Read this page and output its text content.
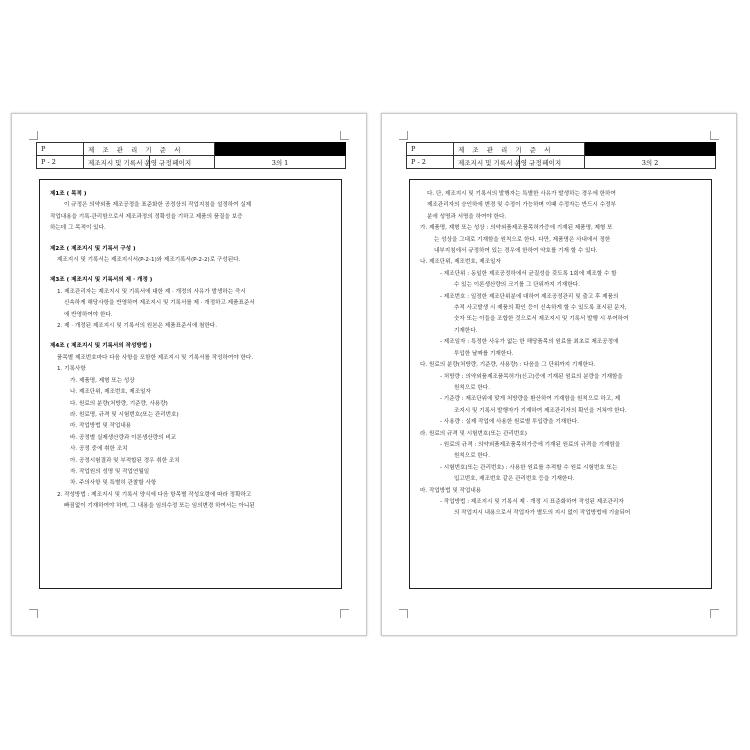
P	제 조 관 리 기 준 서		
P - 2	제조지시 및 기록서 운영 규정	페이지	3의 1
제1조 ( 목적 )
이 규정은 의약외품 제조공정을 표준화한 공정상의 작업지침을 설정하여 실제
작업내용을 기록·관리함으로서 제조과정의 정확성을 기하고 제품의 품질을 보증
하는데 그 목적이 있다.
제2조 ( 제조지시 및 기록서 구성 )
제조지시 및 기록서는 제조지시서(P-2-1)와 제조기록서(P-2-2)로 구성된다.
제3조 ( 제조지시 및 기록서의 제 · 개정 )
1. 제조관리자는 제조지시 및 기록서에 대한 제 · 개정의 사유가 발생하는 즉시
신속하게 해당사항을 반영하여 제조지시 및 기록서를 제 · 개정하고 제품표준서
에 반영하여야 한다.
2. 제 · 개정된 제조지시 및 기록서의 원본은 제품표준서에 첨한다.
제4조 ( 제조지시 및 기록서의 작성방법 )
품목별 제조번호마다 다음 사항을 포함한 제조지시 및 기록서를 작성하여야 한다.
1. 기록사항
가. 제품명, 제형 또는 성상
나. 제조단위, 제조번호, 제조일자
다. 원료의 분량(처방량, 기준량, 사용량)
라. 원료명, 규격 및 시험번호(또는 관리번호)
마. 작업방법 및 작업내용
바. 공정별 실제생산량과 이론생산량의 비교
사. 공정 중에 취한 조치
아. 공정시험결과 및 부적합된 경우 취한 조치
자. 작업원의 성명 및 작업연월일
차. 주의사항 및 특별히 관찰할 사항
2. 작성방법 : 제조지시 및 기록서 양식에 다음 항목별 작성요령에 따라 정확하고
빠짐없이 기재하여야 하며, 그 내용을 임의수정 또는 임의변경 하여서는 아니된
P	제 조 관 리 기 준 서		
P - 2	제조지시 및 기록서 운영 규정	페이지	3의 2
다. 단, 제조지시 및 기록서의 발행자는 특별한 사유가 발생하는 경우에 한하여
제조관리자의 승인하에 변경 및 수정이 가능하며 이때 수정자는 반드시 수정부
분에 성명과 서명을 하여야 한다.
가. 제품명, 제형 또는 성상 : 의약외품제조품목허가증에 기재된 제품명, 제형 또
는 성상을 그대로 기재함을 원칙으로 한다. 다만, 제품명은 사내에서 정한
내부지침에서 규정하여 있는 경우에 한하여 약호를 기재 할 수 있다.
나. 제조단위, 제조번호, 제조일자
- 제조단위 : 동일한 제조공정하에서 균질성을 갖도록 1회에 제조할 수 할
수 있는 이론생산량의 크기를 그 단위까지 기재한다.
- 제조번호 : 일정한 제조단위분에 대하여 제조공정관리 및 출고 후 제품의
추적 사고발생 시 제품의 확인 등이 신속하게 할 수 있도록 표시된 문자,
숫자 또는 이들을 조합한 것으로서 제조지시 및 기록서 발행 시 부여하여
기재한다.
- 제조일자 : 특정한 사유가 없는 한 해당품목의 원료를 최초로 제조공정에
투입한 날짜를 기재한다.
다. 원료의 분량(처방량, 기준량, 사용량) : 다음을 그 단위까지 기재한다.
- 처방량 : 의약외품제조품목허가(신고)증에 기재된 원료의 분량을 기재함을
원칙으로 한다.
- 기준량 : 제조단위에 맞게 처방량을 환산하여 기재함을 원칙으로 하고, 제
조지시 및 기록서 발행자가 기재하여 제조관리자의 확인을 거쳐야 한다.
- 사용량 : 실제 작업에 사용한 원료별 투입량을 기재한다.
라. 원료의 규격 및 시험번호(또는 관리번호)
- 원료의 규격 : 의약외품제조품목허가증에 기재된 원료의 규격을 기재함을
원칙으로 한다.
- 시험번호(또는 관리번호) : 사용한 원료를 추적할 수 원료 시험번호 또는
입고번호, 제조번호 같은 관리번호 등을 기재한다.
마. 작업방법 및 작업내용
- 작업방법 : 제조지시 및 기록서 제 · 개정 시 표준화하여 작성된 제조관리자
의 작업지시 내용으로서 작업자가 별도의 지시 없이 작업방법에 기술되어
